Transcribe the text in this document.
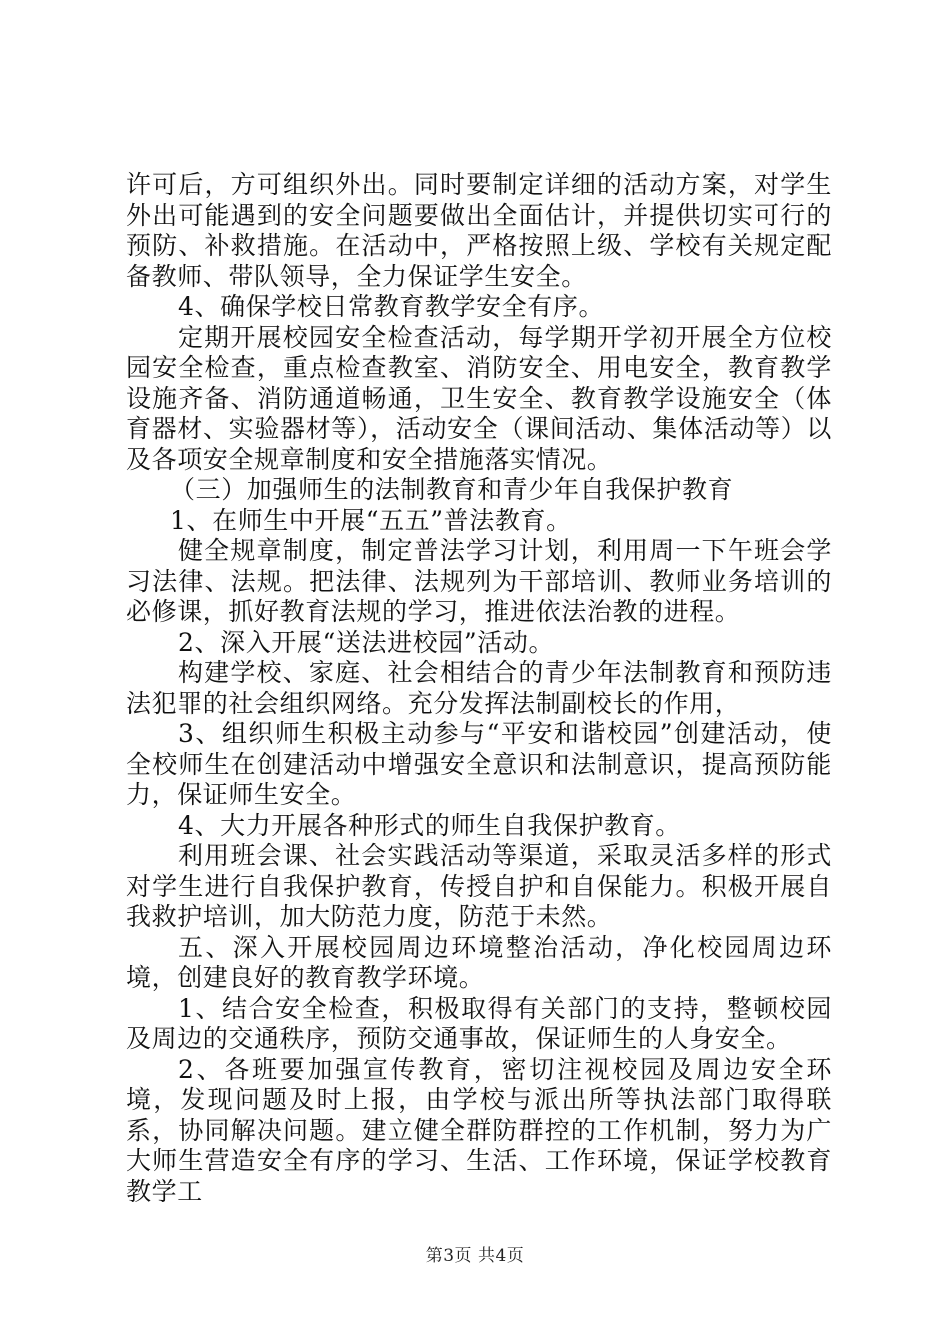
许可后，方可组织外出。同时要制定详细的活动方案，对学生外出可能遇到的安全问题要做出全面估计，并提供切实可行的预防、补救措施。在活动中，严格按照上级、学校有关规定配备教师、带队领导，全力保证学生安全。

4、确保学校日常教育教学安全有序。

定期开展校园安全检查活动，每学期开学初开展全方位校园安全检查，重点检查教室、消防安全、用电安全，教育教学设施齐备、消防通道畅通，卫生安全、教育教学设施安全（体育器材、实验器材等），活动安全（课间活动、集体活动等）以及各项安全规章制度和安全措施落实情况。

（三）加强师生的法制教育和青少年自我保护教育

1、在师生中开展“五五”普法教育。

健全规章制度，制定普法学习计划，利用周一下午班会学习法律、法规。把法律、法规列为干部培训、教师业务培训的必修课，抓好教育法规的学习，推进依法治教的进程。

2、深入开展“送法进校园”活动。

构建学校、家庭、社会相结合的青少年法制教育和预防违法犯罪的社会组织网络。充分发挥法制副校长的作用，

3、组织师生积极主动参与“平安和谐校园”创建活动，使全校师生在创建活动中增强安全意识和法制意识，提高预防能力，保证师生安全。

4、大力开展各种形式的师生自我保护教育。

利用班会课、社会实践活动等渠道，采取灵活多样的形式对学生进行自我保护教育，传授自护和自保能力。积极开展自我救护培训，加大防范力度，防范于未然。

五、深入开展校园周边环境整治活动，净化校园周边环境，创建良好的教育教学环境。

1、结合安全检查，积极取得有关部门的支持，整顿校园及周边的交通秩序，预防交通事故，保证师生的人身安全。

2、各班要加强宣传教育，密切注视校园及周边安全环境，发现问题及时上报，由学校与派出所等执法部门取得联系，协同解决问题。建立健全群防群控的工作机制，努力为广大师生营造安全有序的学习、生活、工作环境，保证学校教育教学工

第3页 共4页
